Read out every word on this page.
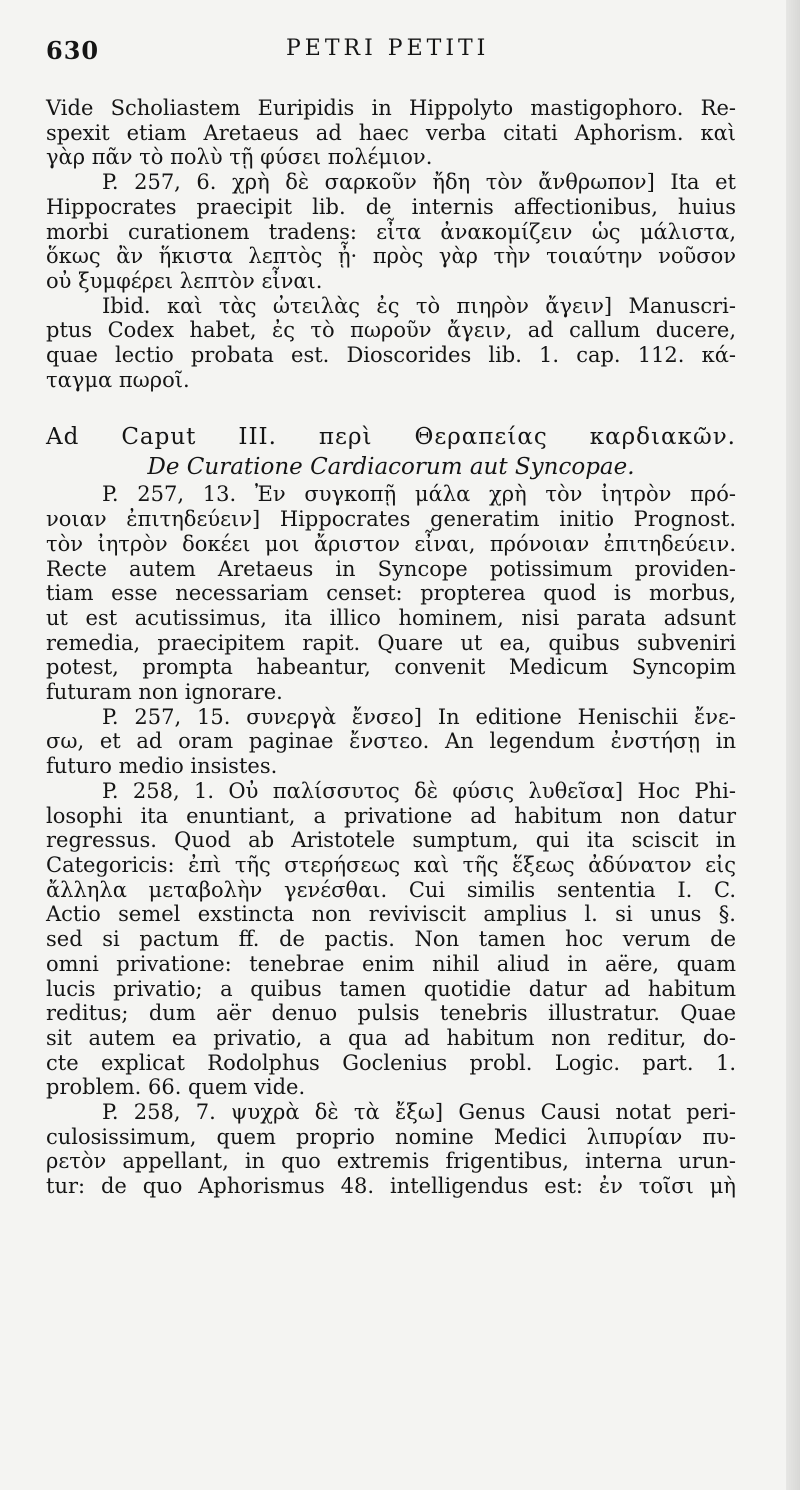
630	PETRI PETITI

Vide Scholiastem Euripidis in Hippolyto mastigophoro. Re-
spexit etiam Aretaeus ad haec verba citati Aphorism. καὶ
γὰρ πᾶν τὸ πολὺ τῇ φύσει πολέμιον.

P. 257, 6. χρὴ δὲ σαρκοῦν ἤδη τὸν ἄνθρωπον] Ita et
Hippocrates praecipit lib. de internis affectionibus, huius
morbi curationem tradens: εἶτα ἀνακομίζειν ὡς μάλιστα,
ὅκως ἂν ἥκιστα λεπτὸς ᾖ· πρὸς γὰρ τὴν τοιαύτην νοῦσον
οὐ ξυμφέρει λεπτὸν εἶναι.

Ibid. καὶ τὰς ὠτειλὰς ἐς τὸ πιηρὸν ἄγειν] Manuscri-
ptus Codex habet, ἐς τὸ πωροῦν ἄγειν, ad callum ducere,
quae lectio probata est. Dioscorides lib. 1. cap. 112. κά-
ταγμα πωροῖ.

Ad Caput III. περὶ Θεραπείας καρδιακῶν.

De Curatione Cardiacorum aut Syncopae.

P. 257, 13. Ἐν συγκοπῇ μάλα χρὴ τὸν ἰητρὸν πρό-
νοιαν ἐπιτηδεύειν] Hippocrates generatim initio Prognost.
τὸν ἰητρὸν δοκέει μοι ἄριστον εἶναι, πρόνοιαν ἐπιτηδεύειν.
Recte autem Aretaeus in Syncope potissimum providen-
tiam esse necessariam censet: propterea quod is morbus,
ut est acutissimus, ita illico hominem, nisi parata adsunt
remedia, praecipitem rapit. Quare ut ea, quibus subveniri
potest, prompta habeantur, convenit Medicum Syncopim
futuram non ignorare.

P. 257, 15. συνεργὰ ἔνσεο] In editione Henischii ἔνε-
σω, et ad oram paginae ἔνστεο. An legendum ἐνστήσῃ in
futuro medio insistes.

P. 258, 1. Οὐ παλίσσυτος δὲ φύσις λυθεῖσα] Hoc Phi-
losophi ita enuntiant, a privatione ad habitum non datur
regressus. Quod ab Aristotele sumptum, qui ita sciscit in
Categoricis: ἐπὶ τῆς στερήσεως καὶ τῆς ἕξεως ἀδύνατον εἰς
ἄλληλα μεταβολὴν γενέσθαι. Cui similis sententia I. C.
Actio semel exstincta non reviviscit amplius l. si unus §.
sed si pactum ff. de pactis. Non tamen hoc verum de
omni privatione: tenebrae enim nihil aliud in aëre, quam
lucis privatio; a quibus tamen quotidie datur ad habitum
reditus; dum aër denuo pulsis tenebris illustratur. Quae
sit autem ea privatio, a qua ad habitum non reditur, do-
cte explicat Rodolphus Goclenius probl. Logic. part. 1.
problem. 66. quem vide.

P. 258, 7. ψυχρὰ δὲ τὰ ἔξω] Genus Causi notat peri-
culosissimum, quem proprio nomine Medici λιπυρίαν πυ-
ρετὸν appellant, in quo extremis frigentibus, interna urun-
tur: de quo Aphorismus 48. intelligendus est: ἐν τοῖσι μὴ
